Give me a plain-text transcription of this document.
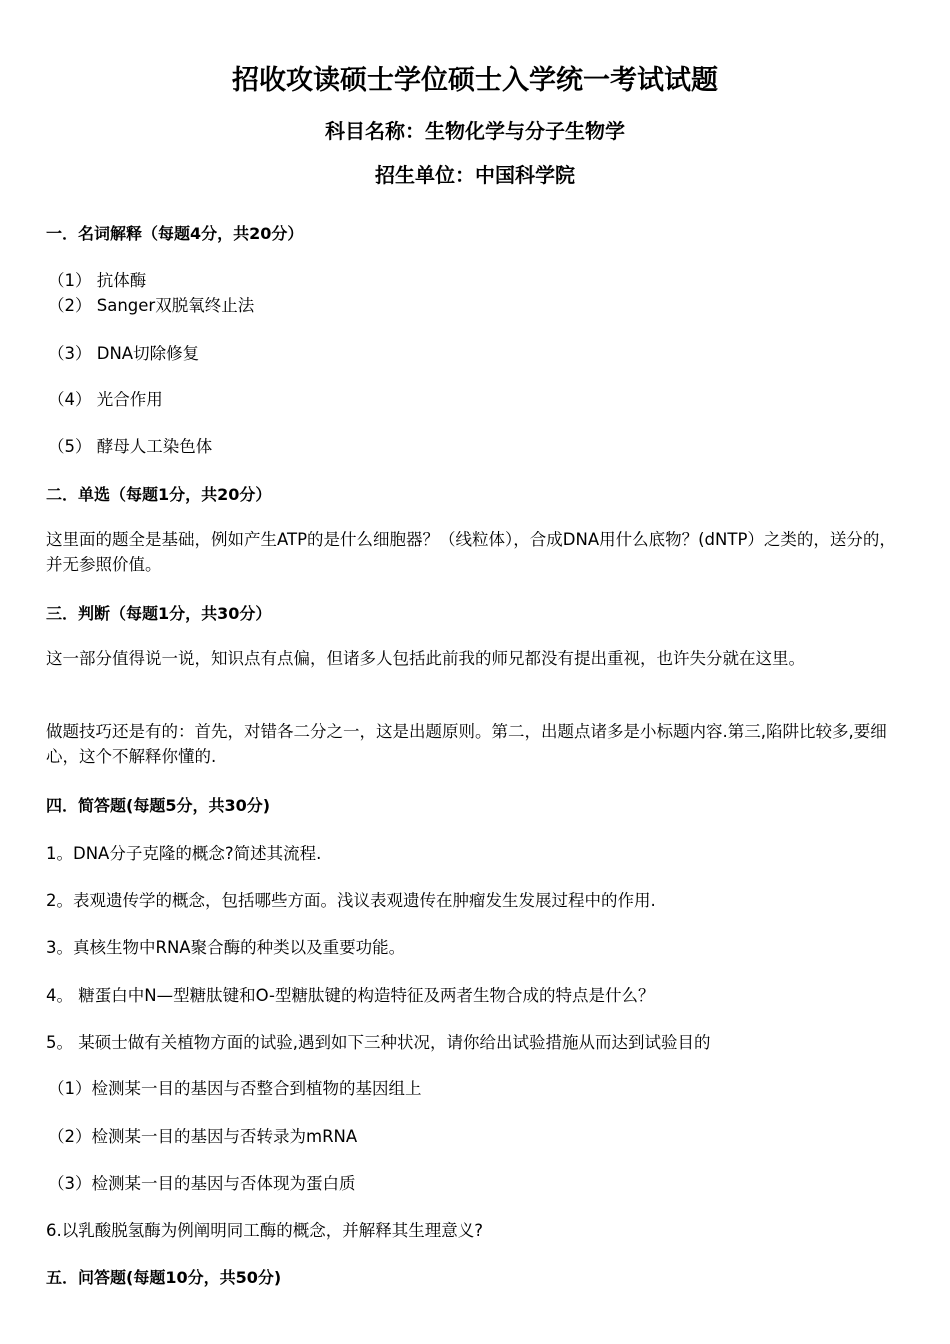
招收攻读硕士学位硕士入学统一考试试题
科目名称：生物化学与分子生物学
招生单位：中国科学院
一．名词解释（每题4分，共20分）
（1） 抗体酶
（2） Sanger双脱氧终止法
（3） DNA切除修复
（4） 光合作用
（5） 酵母人工染色体
二．单选（每题1分，共20分）
这里面的题全是基础，例如产生ATP的是什么细胞器？（线粒体），合成DNA用什么底物？(dNTP）之类的，送分的，并无参照价值。
三．判断（每题1分，共30分）
这一部分值得说一说，知识点有点偏，但诸多人包括此前我的师兄都没有提出重视，也许失分就在这里。
做题技巧还是有的：首先，对错各二分之一，这是出题原则。第二，出题点诸多是小标题内容.第三,陷阱比较多,要细心，这个不解释你懂的.
四．简答题(每题5分，共30分)
1。DNA分子克隆的概念?简述其流程.
2。表观遗传学的概念，包括哪些方面。浅议表观遗传在肿瘤发生发展过程中的作用.
3。真核生物中RNA聚合酶的种类以及重要功能。
4。 糖蛋白中N—型糖肽键和O-型糖肽键的构造特征及两者生物合成的特点是什么？
5。 某硕士做有关植物方面的试验,遇到如下三种状况，请你给出试验措施从而达到试验目的
（1）检测某一目的基因与否整合到植物的基因组上
（2）检测某一目的基因与否转录为mRNA
（3）检测某一目的基因与否体现为蛋白质
6.以乳酸脱氢酶为例阐明同工酶的概念，并解释其生理意义?
五．问答题(每题10分，共50分)
